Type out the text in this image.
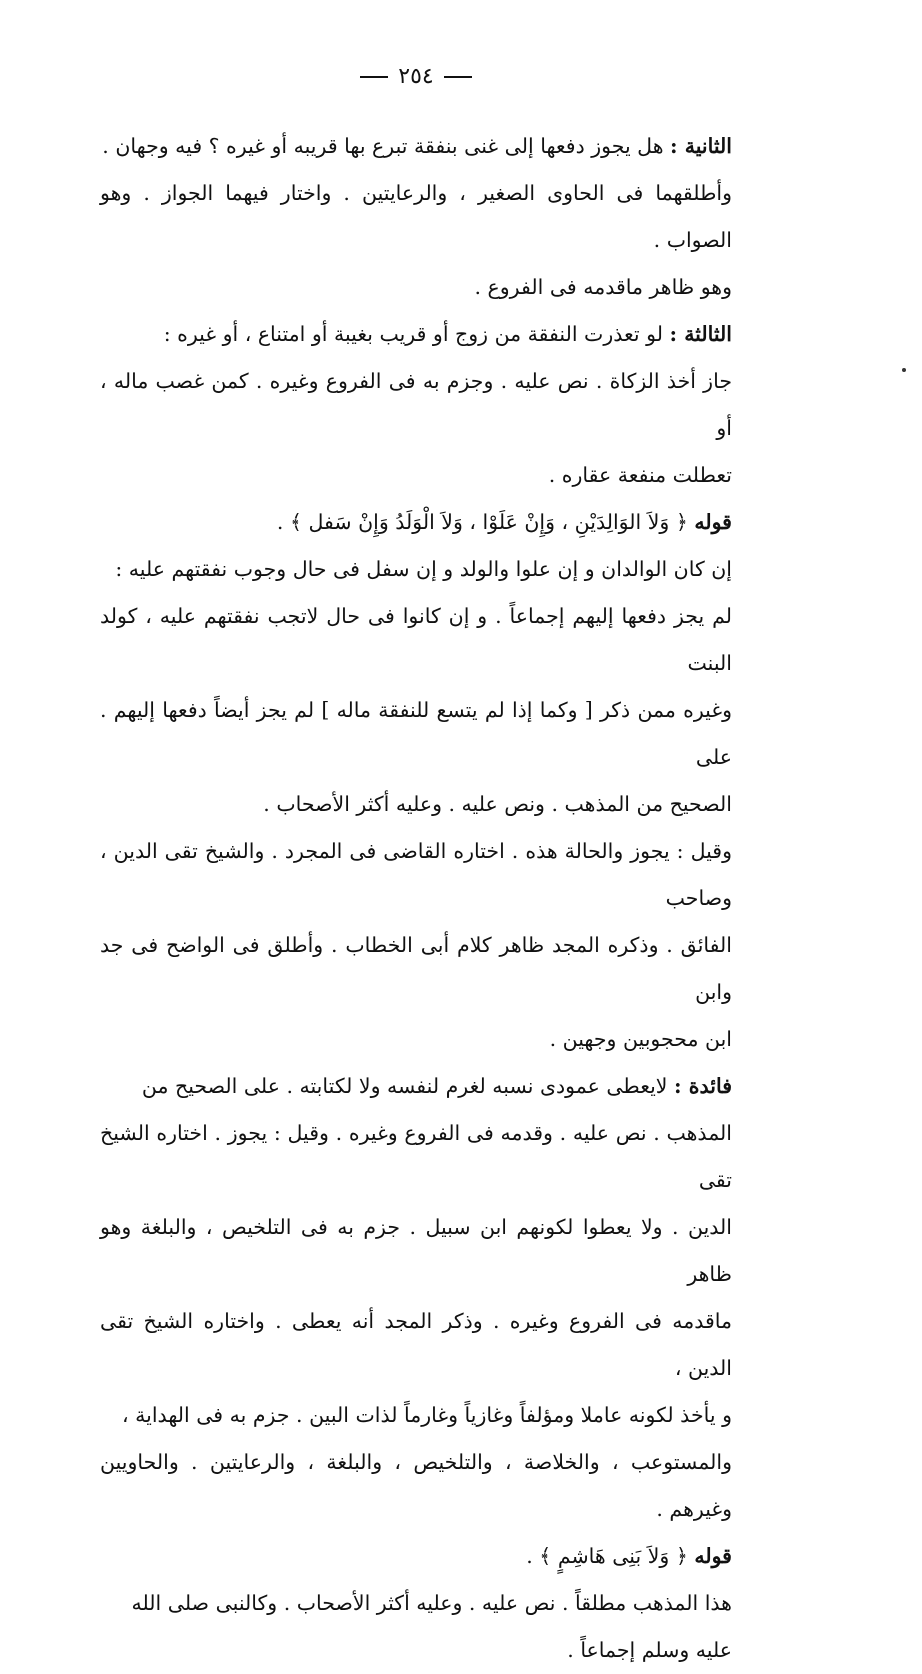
٢٥٤

الثانية : هل يجوز دفعها إلى غنى بنفقة تبرع بها قريبه أو غيره ؟ فيه وجهان .

وأطلقهما فى الحاوى الصغير ، والرعايتين . واختار فيهما الجواز . وهو الصواب .

وهو ظاهر ماقدمه فى الفروع .

الثالثة : لو تعذرت النفقة من زوج أو قريب بغيبة أو امتناع ، أو غيره :

جاز أخذ الزكاة . نص عليه . وجزم به فى الفروع وغيره . كمن غصب ماله ، أو

تعطلت منفعة عقاره .

قوله ﴿ وَلاَ الوَالِدَيْنِ ، وَإِنْ عَلَوْا ، وَلاَ الْوَلَدُ وَإِنْ سَفل ﴾ .

إن كان الوالدان و إن علوا والولد و إن سفل فى حال وجوب نفقتهم عليه :

لم يجز دفعها إليهم إجماعاً . و إن كانوا فى حال لاتجب نفقتهم عليه ، كولد البنت

وغيره ممن ذكر [ وكما إذا لم يتسع للنفقة ماله ] لم يجز أيضاً دفعها إليهم . على

الصحيح من المذهب . ونص عليه . وعليه أكثر الأصحاب .

وقيل : يجوز والحالة هذه . اختاره القاضى فى المجرد . والشيخ تقى الدين ، وصاحب

الفائق . وذكره المجد ظاهر كلام أبى الخطاب . وأطلق فى الواضح فى جد وابن

ابن محجوبين وجهين .

فائدة : لايعطى عمودى نسبه لغرم لنفسه ولا لكتابته . على الصحيح من

المذهب . نص عليه . وقدمه فى الفروع وغيره . وقيل : يجوز . اختاره الشيخ تقى

الدين . ولا يعطوا لكونهم ابن سبيل . جزم به فى التلخيص ، والبلغة وهو ظاهر

ماقدمه فى الفروع وغيره . وذكر المجد أنه يعطى . واختاره الشيخ تقى الدين ،

و يأخذ لكونه عاملا ومؤلفاً وغازياً وغارماً لذات البين . جزم به فى الهداية ،

والمستوعب ، والخلاصة ، والتلخيص ، والبلغة ، والرعايتين . والحاويين وغيرهم .

قوله ﴿ وَلاَ بَنِى هَاشِمٍ ﴾ .

هذا المذهب مطلقاً . نص عليه . وعليه أكثر الأصحاب . وكالنبى صلى الله

عليه وسلم إجماعاً .
